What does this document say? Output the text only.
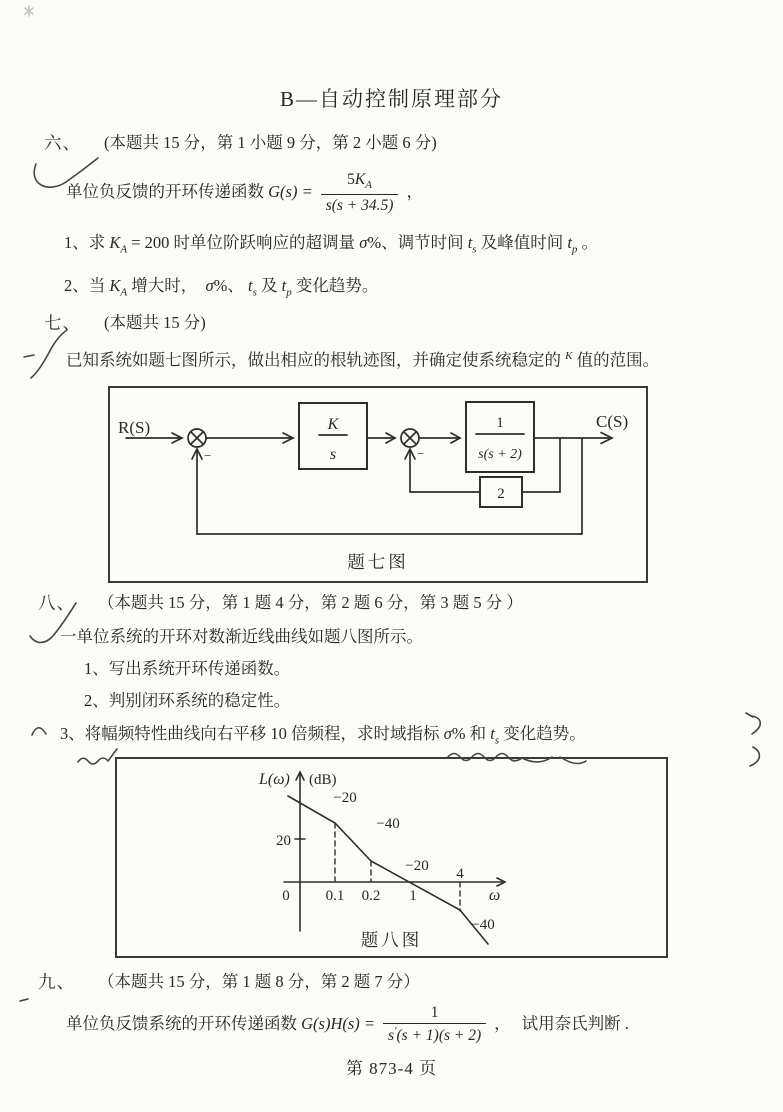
B—自动控制原理部分
六、 (本题共 15 分，第 1 小题 9 分，第 2 小题 6 分)
单位负反馈的开环传递函数 $G(s) = \frac{5K_A}{s(s + 34.5)}$ ，
1、求 $K_A = 200$ 时单位阶跃响应的超调量 σ%、调节时间 $t_s$ 及峰值时间 $t_p$ 。
2、当 $K_A$ 增大时，　σ%、 $t_s$ 及 $t_p$ 变化趋势。
七、 (本题共 15 分)
已知系统如题七图所示，做出相应的根轨迹图，并确定使系统稳定的 $^K$ 值的范围。
R(S)	C(S)
K
s
1
s(s + 2)
2
−
−
题七图
八、 （本题共 15 分，第 1 题 4 分，第 2 题 6 分，第 3 题 5 分 ）
一单位系统的开环对数渐近线曲线如题八图所示。
1、写出系统开环传递函数。
2、判别闭环系统的稳定性。
3、将幅频特性曲线向右平移 10 倍频程，求时域指标 σ% 和 $t_s$ 变化趋势。
L(ω) (dB)
20
0 0.1 0.2 1
4
ω
−20
−40
−20
−40
题八图
九、 （本题共 15 分，第 1 题 8 分，第 2 题 7 分）
单位负反馈系统的开环传递函数 $G(s)H(s) = \frac{1}{s'(s + 1)(s + 2)}$ ， 试用奈氏判断 .
第 873-4 页
